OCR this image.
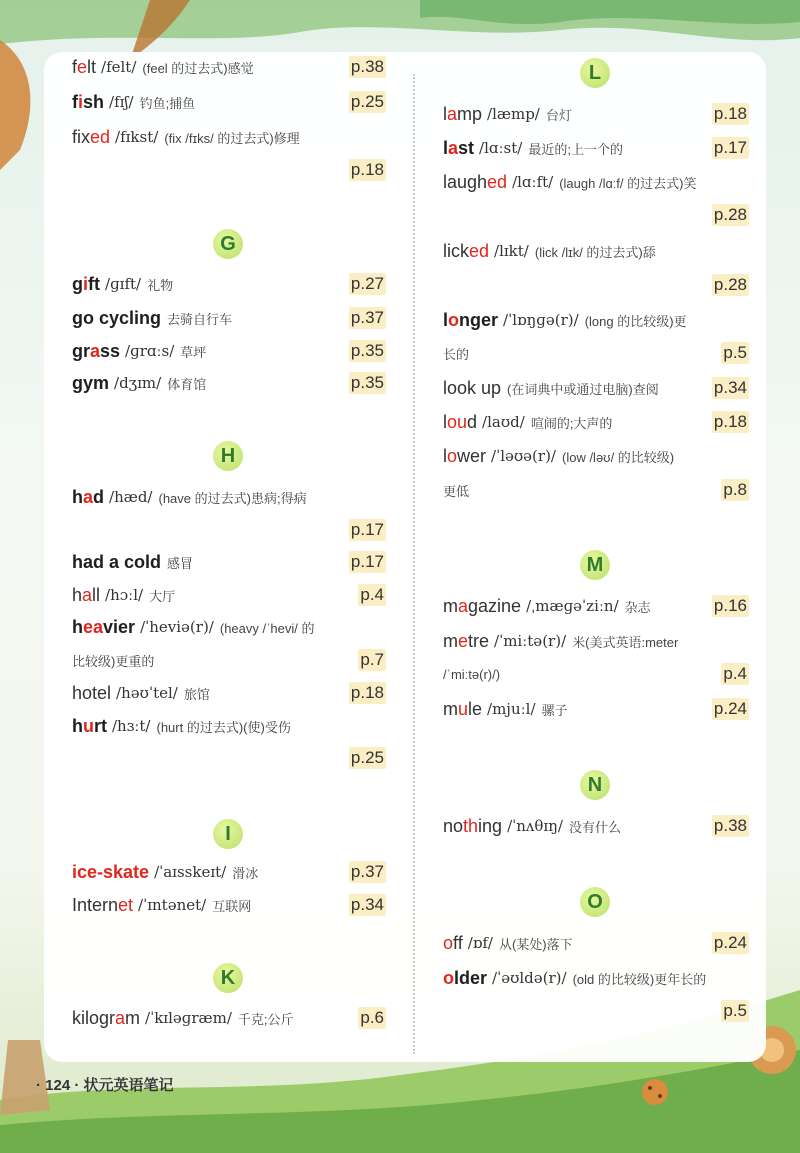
felt /felt/ (feel 的过去式)感觉	p.38
fish /fɪʃ/ 钓鱼;捕鱼	p.25
fixed /fɪkst/ (fix /fɪks/ 的过去式)修理
p.18
G
gift /ɡɪft/ 礼物	p.27
go cycling 去骑自行车	p.37
grass /ɡrɑːs/ 草坪	p.35
gym /dʒɪm/ 体育馆	p.35
H
had /hæd/ (have 的过去式)患病;得病
p.17
had a cold 感冒	p.17
hall /hɔːl/ 大厅	p.4
heavier /ˈheviə(r)/ (heavy /ˈhevi/ 的
比较级)更重的	p.7
hotel /həʊˈtel/ 旅馆	p.18
hurt /hɜːt/ (hurt 的过去式)(使)受伤
p.25
I
ice-skate /ˈaɪsskeɪt/ 滑冰	p.37
Internet /ˈɪntənet/ 互联网	p.34
K
kilogram /ˈkɪləɡræm/ 千克;公斤	p.6
L
lamp /læmp/ 台灯	p.18
last /lɑːst/ 最近的;上一个的	p.17
laughed /lɑːft/ (laugh /lɑːf/ 的过去式)笑
p.28
licked /lɪkt/ (lick /lɪk/ 的过去式)舔
p.28
longer /ˈlɒŋɡə(r)/ (long 的比较级)更
长的	p.5
look up (在词典中或通过电脑)查阅	p.34
loud /laʊd/ 喧闹的;大声的	p.18
lower /ˈləʊə(r)/ (low /ləʊ/ 的比较级)
更低	p.8
M
magazine /ˌmæɡəˈziːn/ 杂志	p.16
metre /ˈmiːtə(r)/ 米(美式英语:meter
/ˈmiːtə(r)/)	p.4
mule /mjuːl/ 骡子	p.24
N
nothing /ˈnʌθɪŋ/ 没有什么	p.38
O
off /ɒf/ 从(某处)落下	p.24
older /ˈəʊldə(r)/ (old 的比较级)更年长的
p.5
· 124 · 状元英语笔记
